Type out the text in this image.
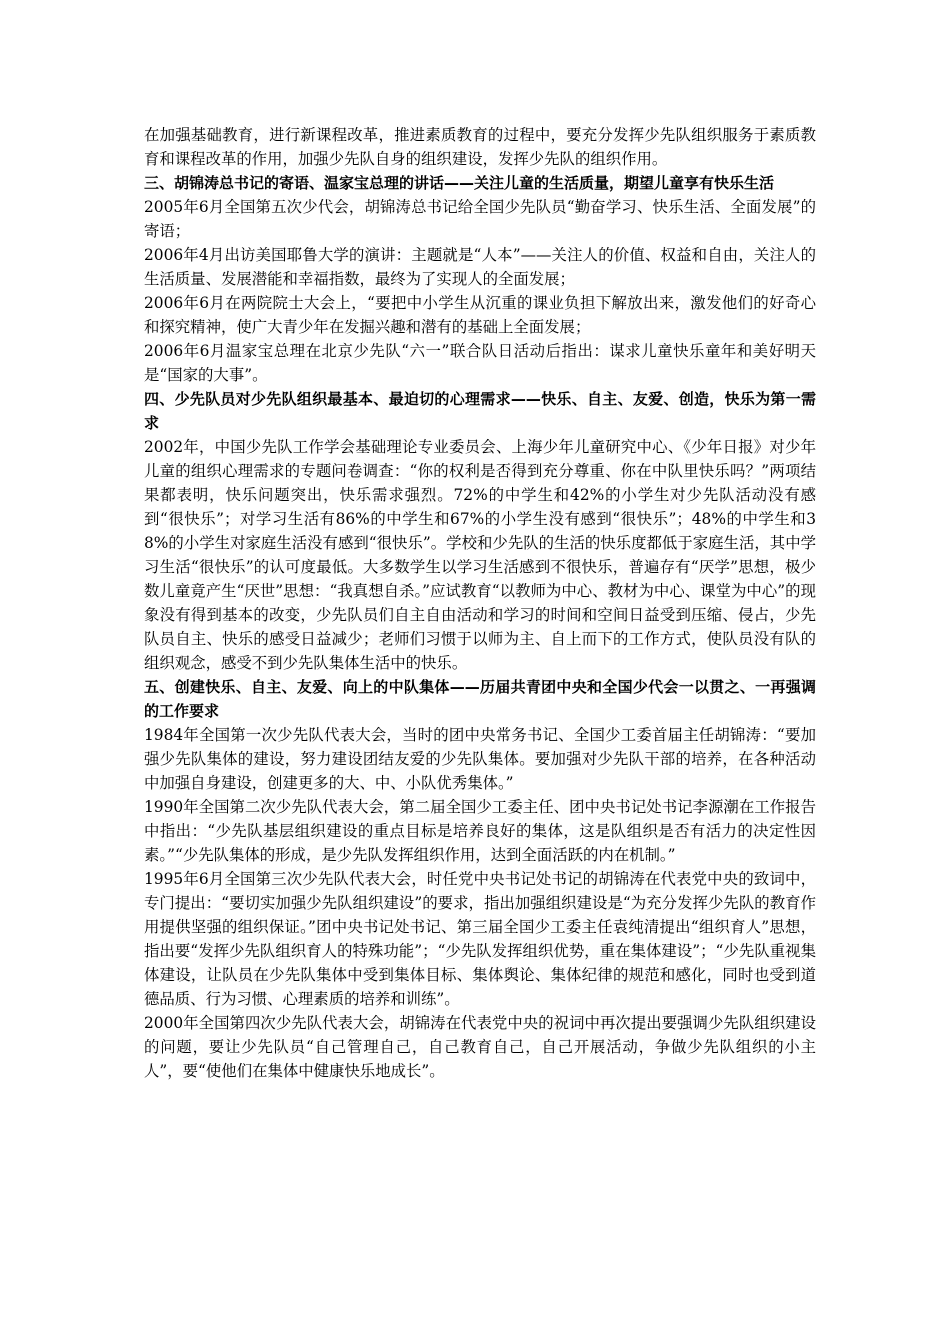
在加强基础教育，进行新课程改革，推进素质教育的过程中，要充分发挥少先队组织服务于素质教育和课程改革的作用，加强少先队自身的组织建设，发挥少先队的组织作用。

三、胡锦涛总书记的寄语、温家宝总理的讲话——关注儿童的生活质量，期望儿童享有快乐生活

2005年6月全国第五次少代会，胡锦涛总书记给全国少先队员“勤奋学习、快乐生活、全面发展”的寄语；

2006年4月出访美国耶鲁大学的演讲：主题就是“人本”——关注人的价值、权益和自由，关注人的生活质量、发展潜能和幸福指数，最终为了实现人的全面发展；

2006年6月在两院院士大会上，“要把中小学生从沉重的课业负担下解放出来，激发他们的好奇心和探究精神，使广大青少年在发掘兴趣和潜有的基础上全面发展；

2006年6月温家宝总理在北京少先队“六一”联合队日活动后指出：谋求儿童快乐童年和美好明天是“国家的大事”。

四、少先队员对少先队组织最基本、最迫切的心理需求——快乐、自主、友爱、创造，快乐为第一需求

2002年，中国少先队工作学会基础理论专业委员会、上海少年儿童研究中心、《少年日报》对少年儿童的组织心理需求的专题问卷调查：“你的权利是否得到充分尊重、你在中队里快乐吗？”两项结果都表明，快乐问题突出，快乐需求强烈。72%的中学生和42%的小学生对少先队活动没有感到“很快乐”；对学习生活有86%的中学生和67%的小学生没有感到“很快乐”；48%的中学生和38%的小学生对家庭生活没有感到“很快乐”。学校和少先队的生活的快乐度都低于家庭生活，其中学习生活“很快乐”的认可度最低。大多数学生以学习生活感到不很快乐，普遍存有“厌学”思想，极少数儿童竟产生“厌世”思想：“我真想自杀。”应试教育“以教师为中心、教材为中心、课堂为中心”的现象没有得到基本的改变，少先队员们自主自由活动和学习的时间和空间日益受到压缩、侵占，少先队员自主、快乐的感受日益减少；老师们习惯于以师为主、自上而下的工作方式，使队员没有队的组织观念，感受不到少先队集体生活中的快乐。

五、创建快乐、自主、友爱、向上的中队集体——历届共青团中央和全国少代会一以贯之、一再强调的工作要求

1984年全国第一次少先队代表大会，当时的团中央常务书记、全国少工委首届主任胡锦涛：“要加强少先队集体的建设，努力建设团结友爱的少先队集体。要加强对少先队干部的培养，在各种活动中加强自身建设，创建更多的大、中、小队优秀集体。”

1990年全国第二次少先队代表大会，第二届全国少工委主任、团中央书记处书记李源潮在工作报告中指出：“少先队基层组织建设的重点目标是培养良好的集体，这是队组织是否有活力的决定性因素。”“少先队集体的形成，是少先队发挥组织作用，达到全面活跃的内在机制。”

1995年6月全国第三次少先队代表大会，时任党中央书记处书记的胡锦涛在代表党中央的致词中，专门提出：“要切实加强少先队组织建设”的要求，指出加强组织建设是“为充分发挥少先队的教育作用提供坚强的组织保证。”团中央书记处书记、第三届全国少工委主任袁纯清提出“组织育人”思想，指出要“发挥少先队组织育人的特殊功能”；“少先队发挥组织优势，重在集体建设”；“少先队重视集体建设，让队员在少先队集体中受到集体目标、集体舆论、集体纪律的规范和感化，同时也受到道德品质、行为习惯、心理素质的培养和训练”。

2000年全国第四次少先队代表大会，胡锦涛在代表党中央的祝词中再次提出要强调少先队组织建设的问题，要让少先队员“自己管理自己，自己教育自己，自己开展活动，争做少先队组织的小主人”，要“使他们在集体中健康快乐地成长”。
